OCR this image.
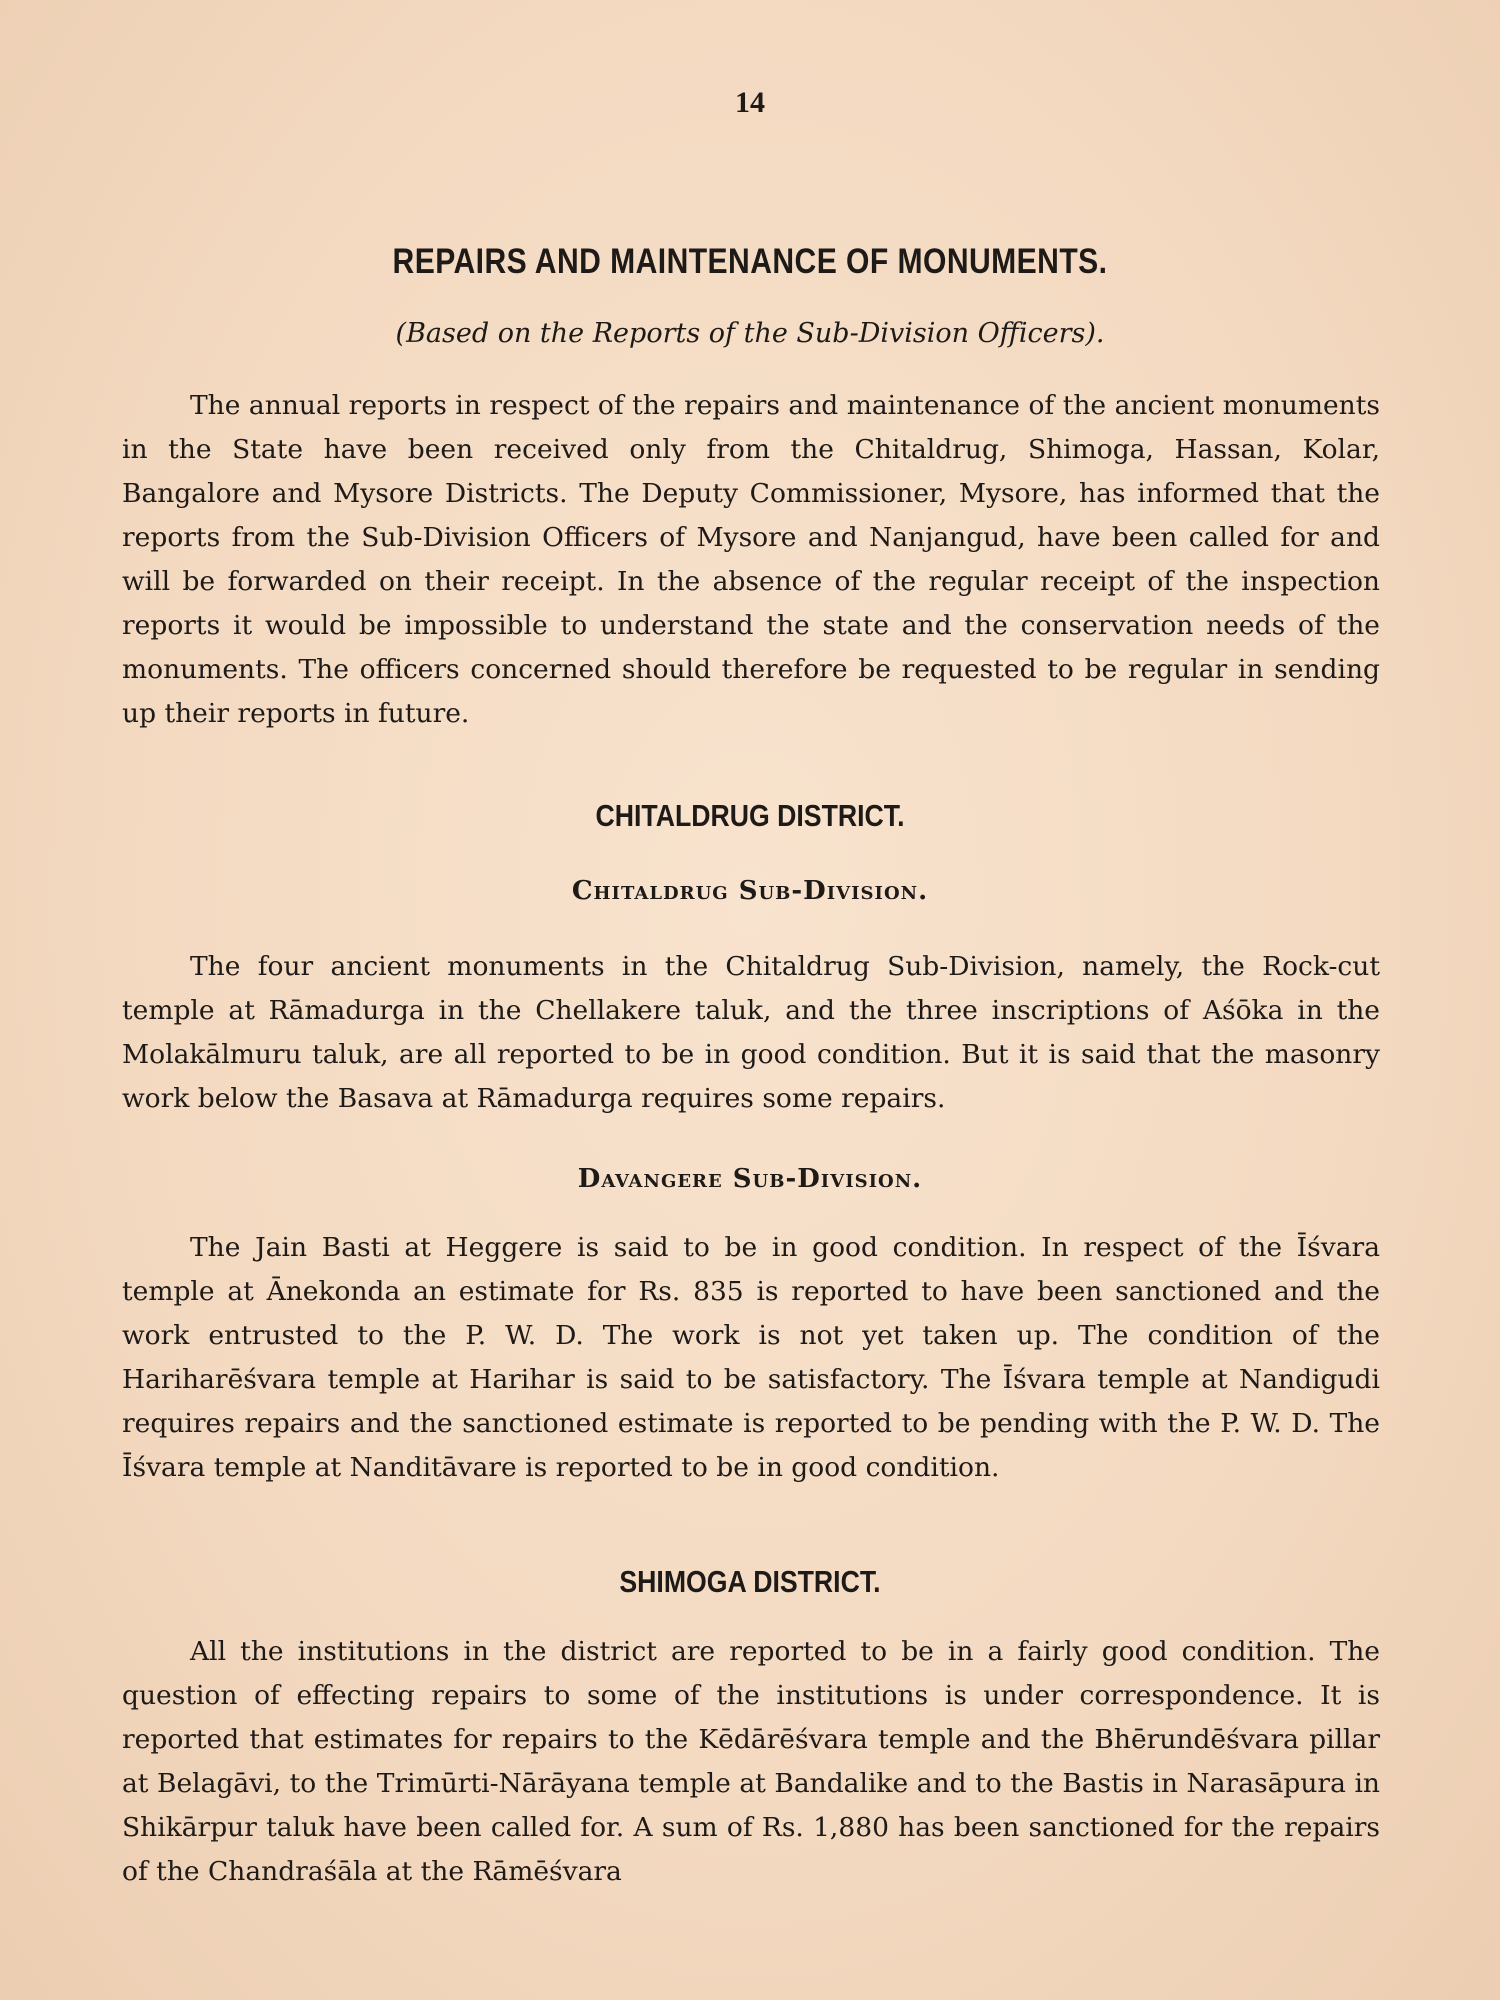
14
REPAIRS AND MAINTENANCE OF MONUMENTS.
(Based on the Reports of the Sub-Division Officers).

The annual reports in respect of the repairs and maintenance of the ancient monuments in the State have been received only from the Chitaldrug, Shimoga, Hassan, Kolar, Bangalore and Mysore Districts. The Deputy Commissioner, Mysore, has informed that the reports from the Sub-Division Officers of Mysore and Nanjangud, have been called for and will be forwarded on their receipt. In the absence of the regular receipt of the inspection reports it would be impossible to understand the state and the conservation needs of the monuments. The officers concerned should therefore be requested to be regular in sending up their reports in future.

CHITALDRUG DISTRICT.
Chitaldrug Sub-Division.

The four ancient monuments in the Chitaldrug Sub-Division, namely, the Rock-cut temple at Rāmadurga in the Chellakere taluk, and the three inscriptions of Aśōka in the Molakālmuru taluk, are all reported to be in good condition. But it is said that the masonry work below the Basava at Rāmadurga requires some repairs.

Davangere Sub-Division.

The Jain Basti at Heggere is said to be in good condition. In respect of the Īśvara temple at Ānekonda an estimate for Rs. 835 is reported to have been sanctioned and the work entrusted to the P. W. D. The work is not yet taken up. The condition of the Hariharēśvara temple at Harihar is said to be satisfactory. The Īśvara temple at Nandigudi requires repairs and the sanctioned estimate is reported to be pending with the P. W. D. The Īśvara temple at Nanditāvare is reported to be in good condition.

SHIMOGA DISTRICT.

All the institutions in the district are reported to be in a fairly good condition. The question of effecting repairs to some of the institutions is under correspondence. It is reported that estimates for repairs to the Kēdārēśvara temple and the Bhērundēśvara pillar at Belagāvi, to the Trimūrti-Nārāyana temple at Bandalike and to the Bastis in Narasāpura in Shikārpur taluk have been called for. A sum of Rs. 1,880 has been sanctioned for the repairs of the Chandraśāla at the Rāmēśvara
